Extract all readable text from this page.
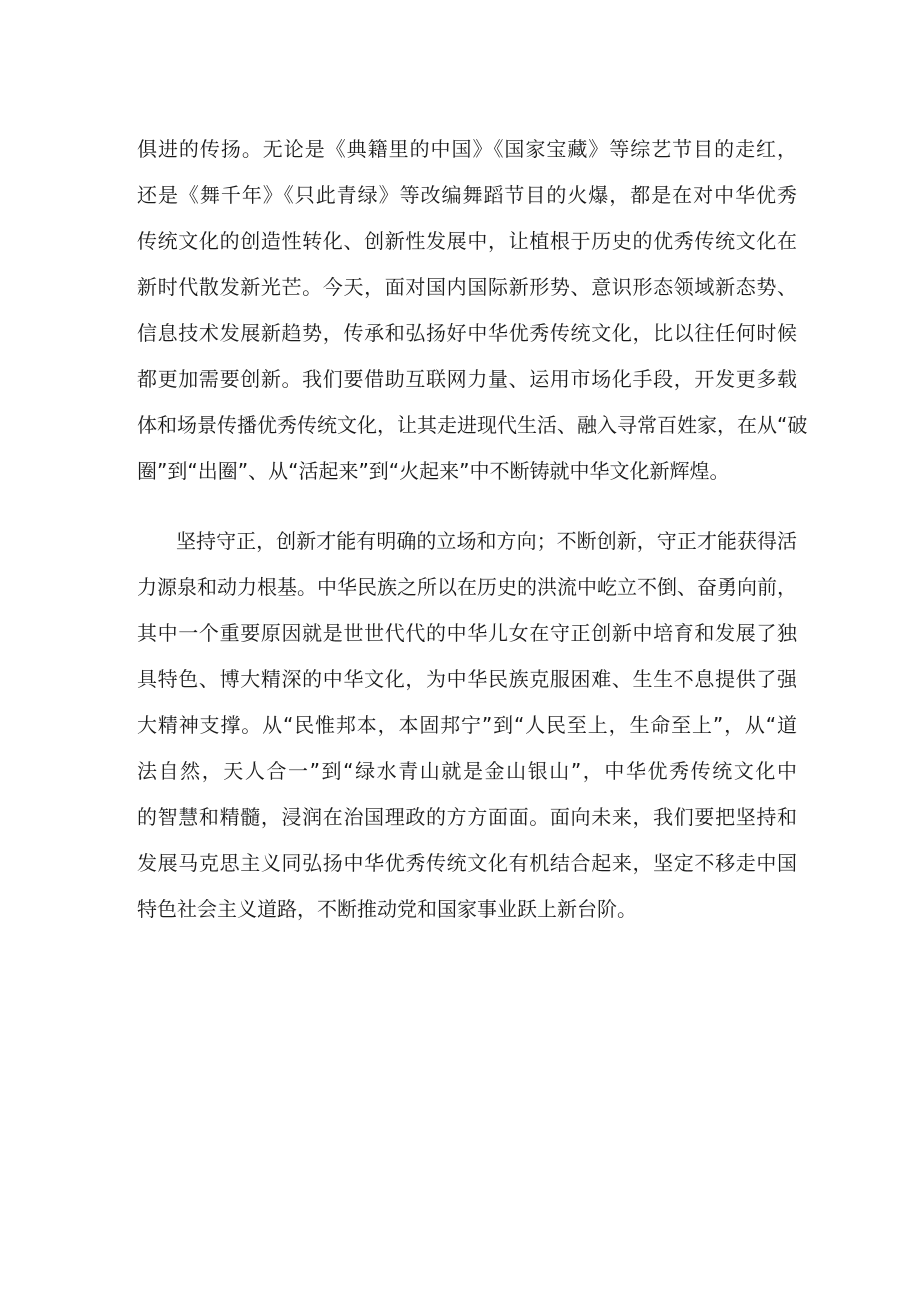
俱进的传扬。无论是《典籍里的中国》《国家宝藏》等综艺节目的走红，
还是《舞千年》《只此青绿》等改编舞蹈节目的火爆，都是在对中华优秀
传统文化的创造性转化、创新性发展中，让植根于历史的优秀传统文化在
新时代散发新光芒。今天，面对国内国际新形势、意识形态领域新态势、
信息技术发展新趋势，传承和弘扬好中华优秀传统文化，比以往任何时候
都更加需要创新。我们要借助互联网力量、运用市场化手段，开发更多载
体和场景传播优秀传统文化，让其走进现代生活、融入寻常百姓家，在从“破
圈”到“出圈”、从“活起来”到“火起来”中不断铸就中华文化新辉煌。
坚持守正，创新才能有明确的立场和方向；不断创新，守正才能获得活
力源泉和动力根基。中华民族之所以在历史的洪流中屹立不倒、奋勇向前，
其中一个重要原因就是世世代代的中华儿女在守正创新中培育和发展了独
具特色、博大精深的中华文化，为中华民族克服困难、生生不息提供了强
大精神支撑。从“民惟邦本，本固邦宁”到“人民至上，生命至上”，从“道
法自然，天人合一”到“绿水青山就是金山银山”，中华优秀传统文化中
的智慧和精髓，浸润在治国理政的方方面面。面向未来，我们要把坚持和
发展马克思主义同弘扬中华优秀传统文化有机结合起来，坚定不移走中国
特色社会主义道路，不断推动党和国家事业跃上新台阶。
